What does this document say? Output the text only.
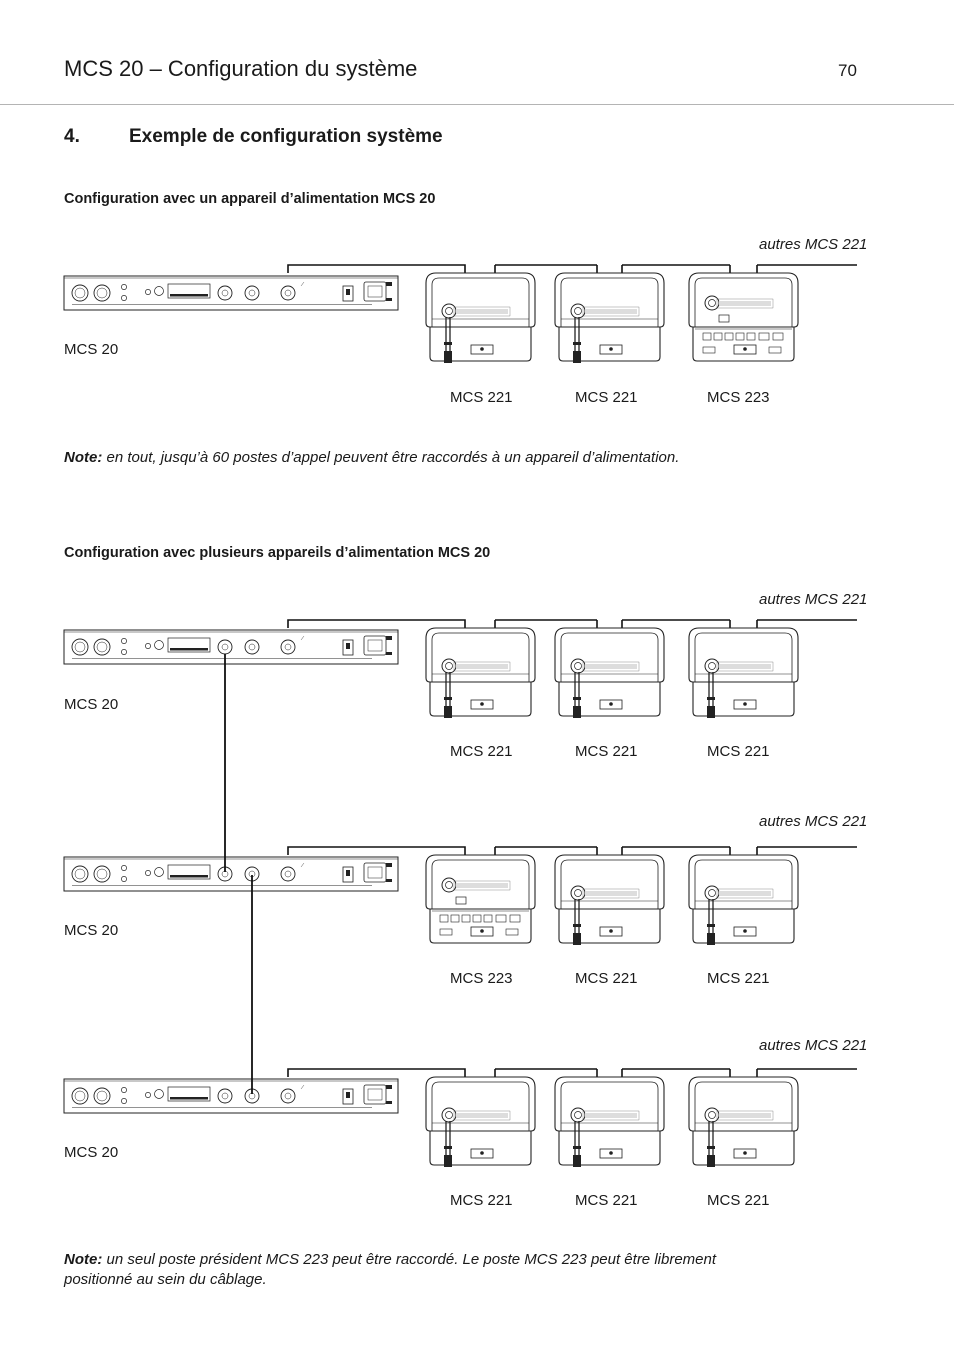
MCS 20 – Configuration du système	70
4.	Exemple de configuration système
Configuration avec un appareil d’alimentation MCS 20
autres MCS 221
MCS 20
MCS 221	MCS 221	MCS 223
Note: en tout, jusqu’à 60 postes d’appel peuvent être raccordés à un appareil d’alimentation.
Configuration avec plusieurs appareils d’alimentation MCS 20
autres MCS 221
MCS 20
MCS 221	MCS 221	MCS 221
autres MCS 221
MCS 20
MCS 223	MCS 221	MCS 221
autres MCS 221
MCS 20
MCS 221	MCS 221	MCS 221
Note: un seul poste président MCS 223 peut être raccordé. Le poste MCS 223 peut être librement positionné au sein du câblage.
